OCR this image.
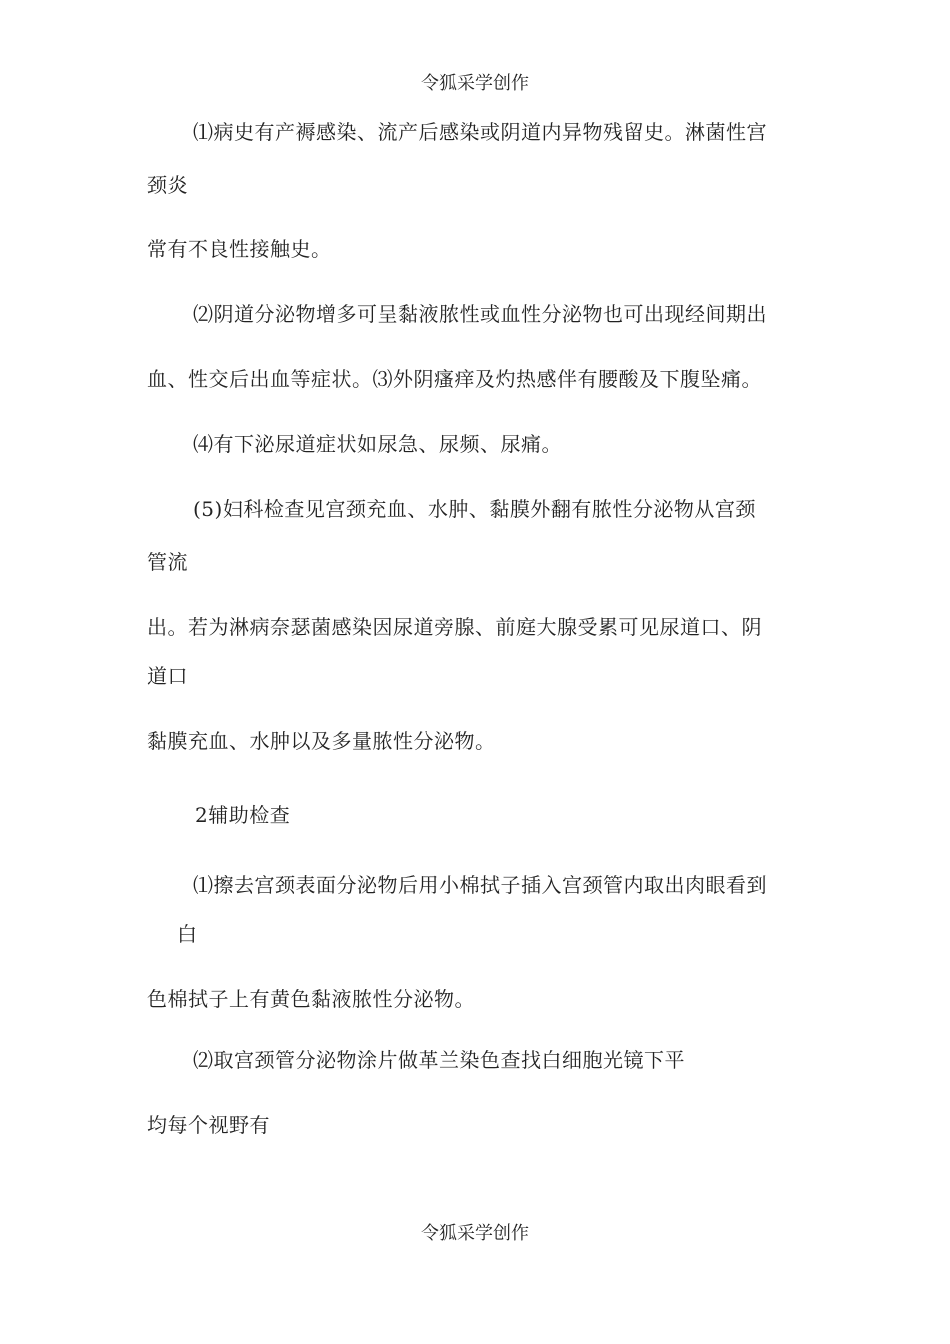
令狐采学创作
⑴病史有产褥感染、流产后感染或阴道内异物残留史。淋菌性宫
颈炎
常有不良性接触史。
⑵阴道分泌物增多可呈黏液脓性或血性分泌物也可出现经间期出
血、性交后出血等症状。⑶外阴瘙痒及灼热感伴有腰酸及下腹坠痛。
⑷有下泌尿道症状如尿急、尿频、尿痛。
(5)妇科检查见宫颈充血、水肿、黏膜外翻有脓性分泌物从宫颈
管流
出。若为淋病奈瑟菌感染因尿道旁腺、前庭大腺受累可见尿道口、阴
道口
黏膜充血、水肿以及多量脓性分泌物。
2辅助检查
⑴擦去宫颈表面分泌物后用小棉拭子插入宫颈管内取出肉眼看到
白
色棉拭子上有黄色黏液脓性分泌物。
⑵取宫颈管分泌物涂片做革兰染色查找白细胞光镜下平
均每个视野有
令狐采学创作
